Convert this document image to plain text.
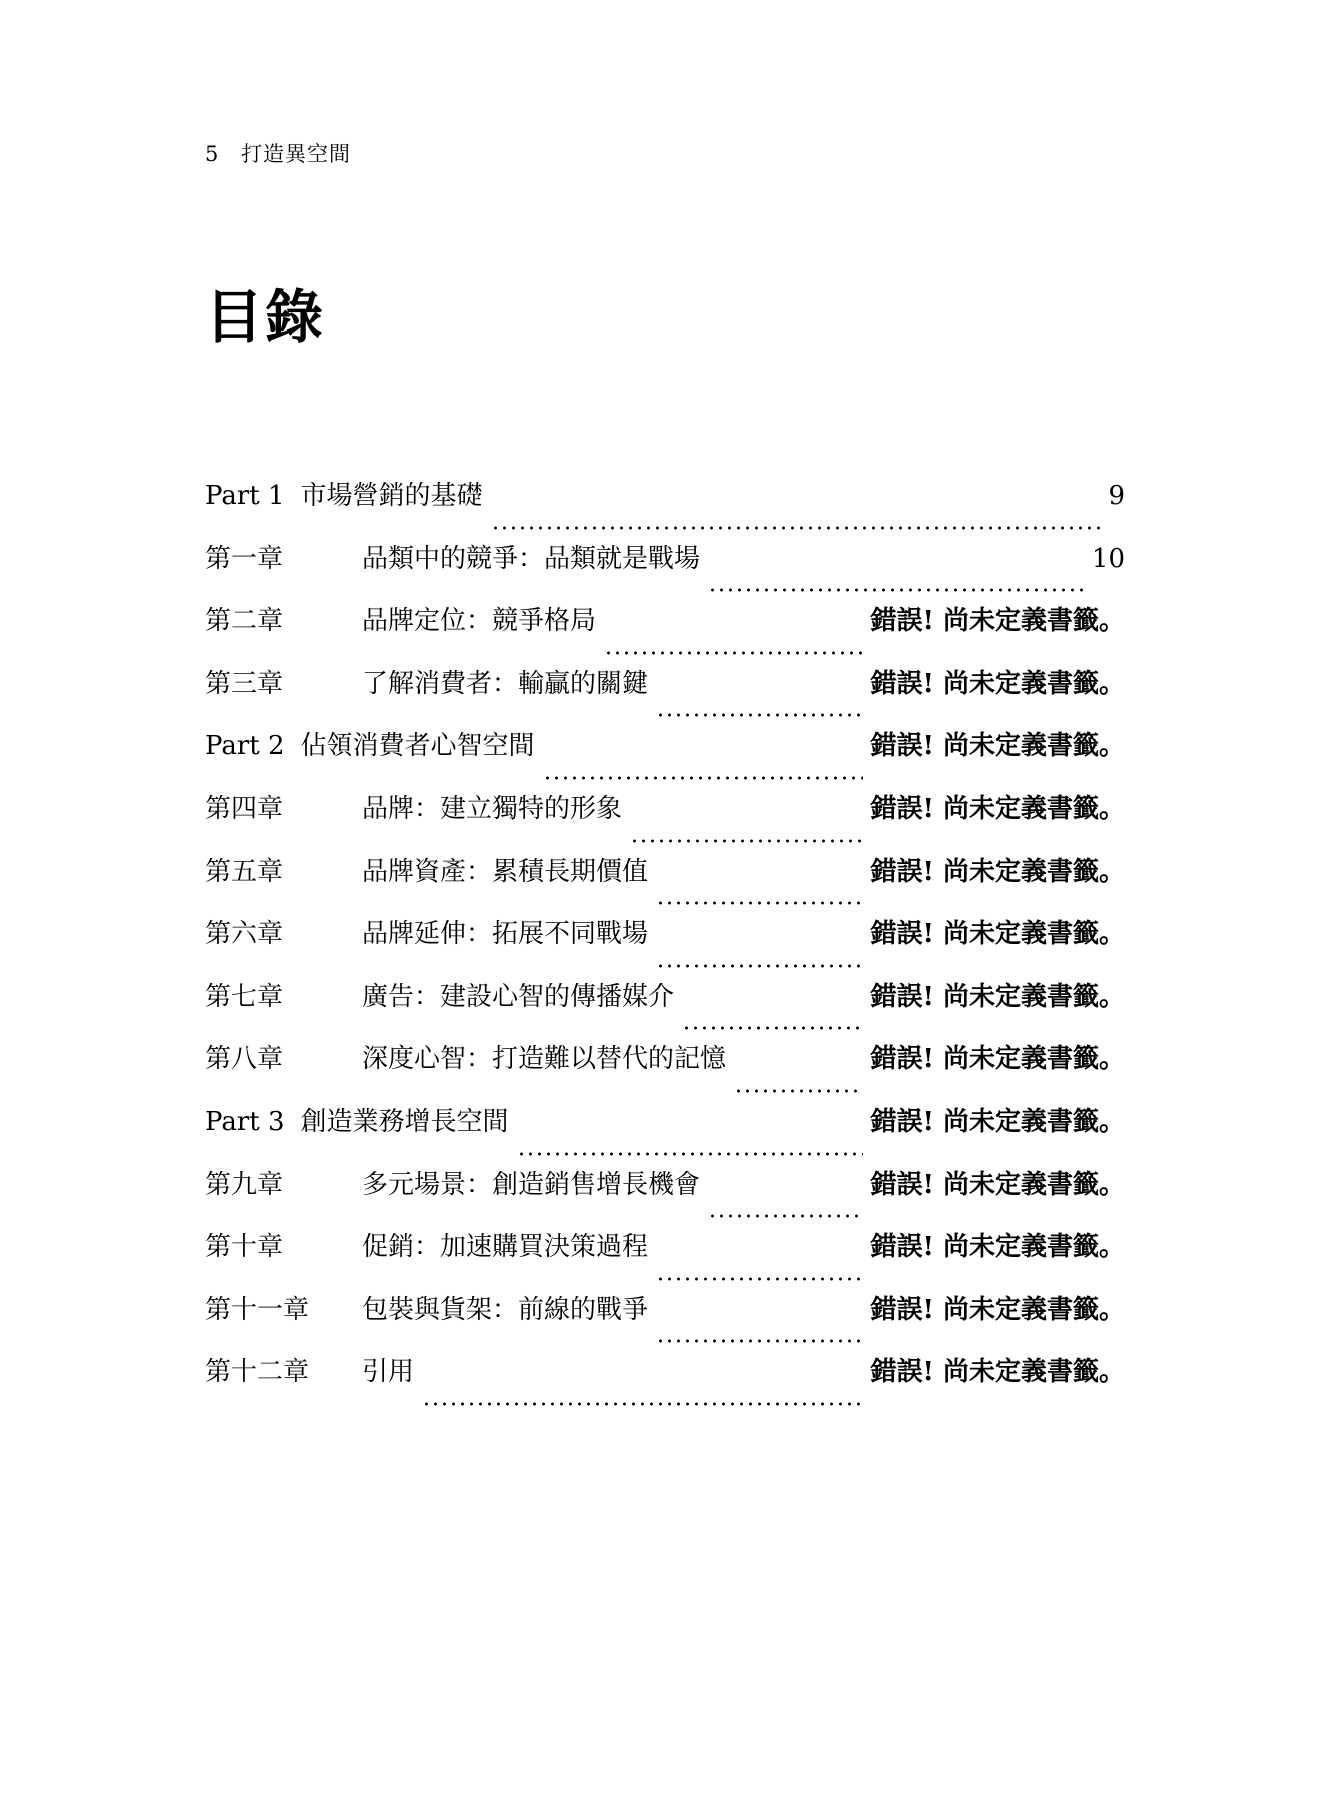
5 打造異空間
目錄
Part 1 市場營銷的基礎	9
第一章	品類中的競爭：品類就是戰場	10
第二章	品牌定位：競爭格局	錯誤! 尚未定義書籤。
第三章	了解消費者：輸贏的關鍵	錯誤! 尚未定義書籤。
Part 2 佔領消費者心智空間	錯誤! 尚未定義書籤。
第四章	品牌：建立獨特的形象	錯誤! 尚未定義書籤。
第五章	品牌資產：累積長期價值	錯誤! 尚未定義書籤。
第六章	品牌延伸：拓展不同戰場	錯誤! 尚未定義書籤。
第七章	廣告：建設心智的傳播媒介	錯誤! 尚未定義書籤。
第八章	深度心智：打造難以替代的記憶	錯誤! 尚未定義書籤。
Part 3 創造業務增長空間	錯誤! 尚未定義書籤。
第九章	多元場景：創造銷售增長機會	錯誤! 尚未定義書籤。
第十章	促銷：加速購買決策過程	錯誤! 尚未定義書籤。
第十一章	包裝與貨架：前線的戰爭	錯誤! 尚未定義書籤。
第十二章	引用	錯誤! 尚未定義書籤。
